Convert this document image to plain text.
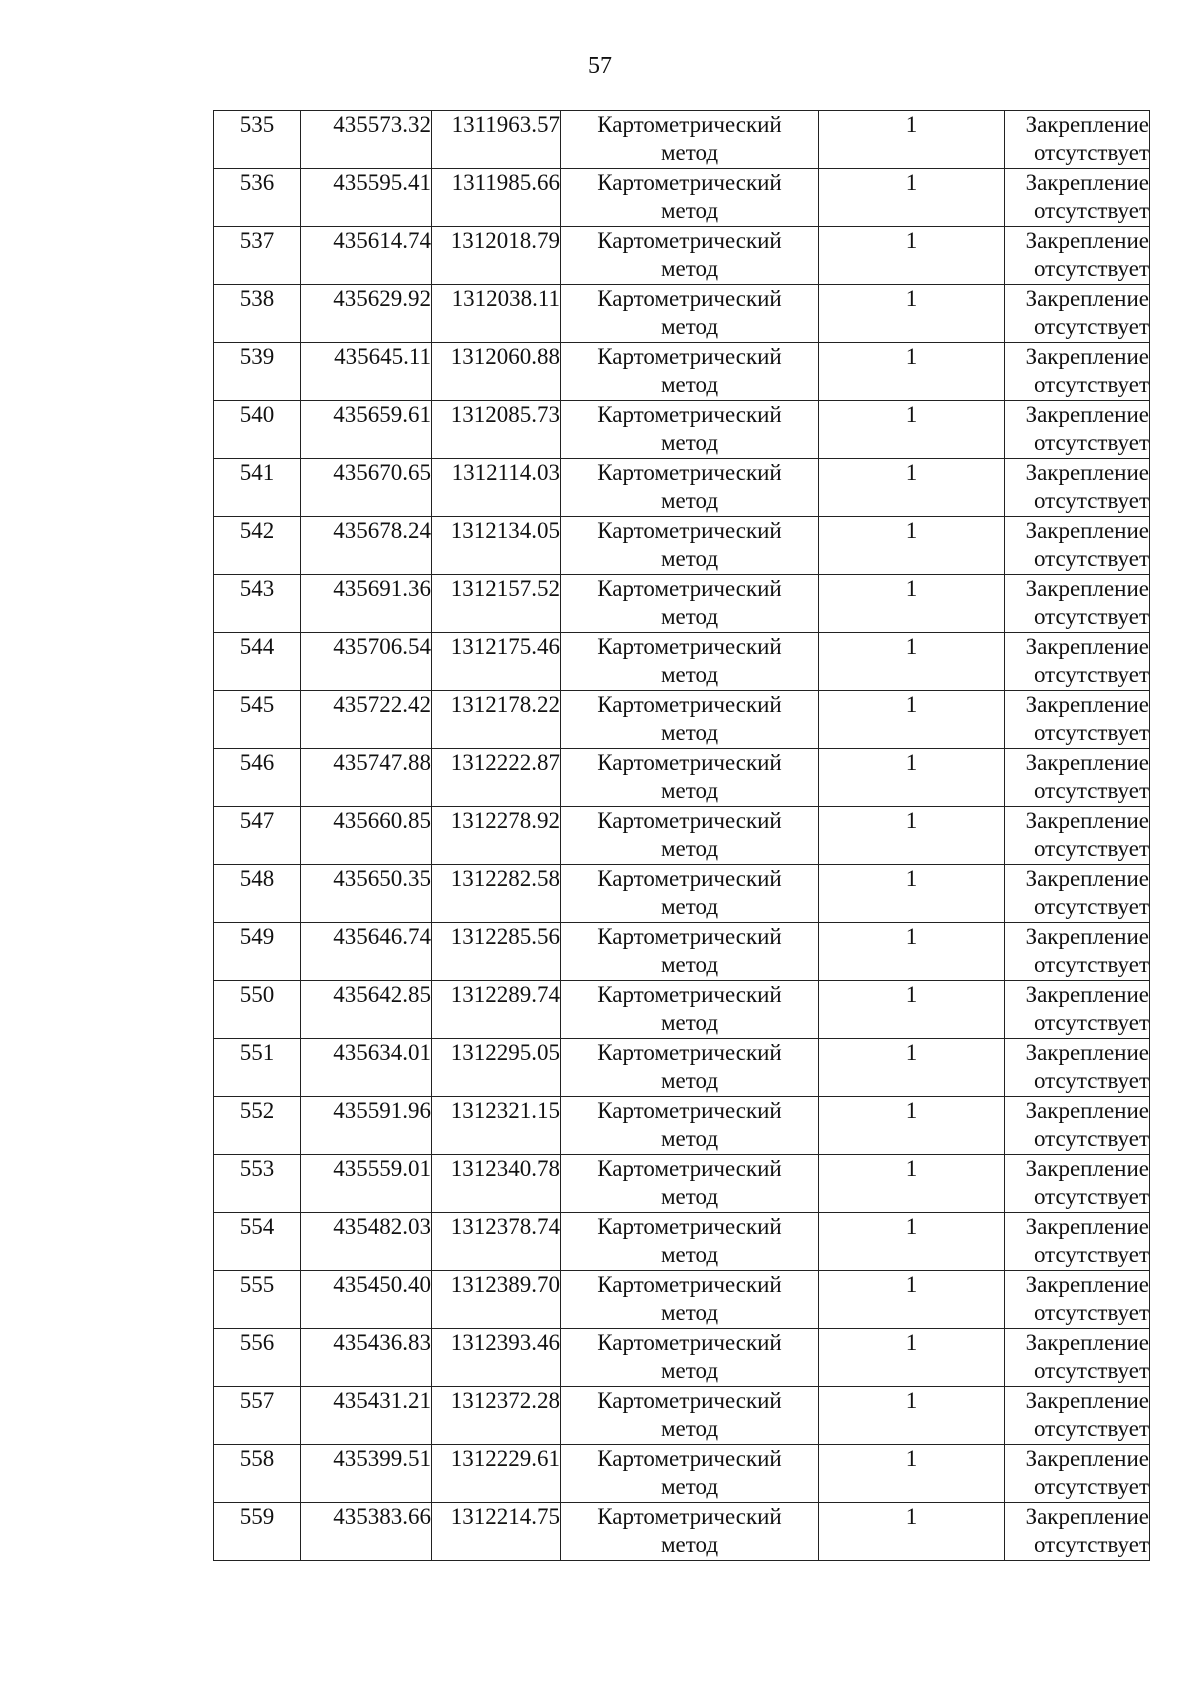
57
535	435573.32	1311963.57	Картометрический
метод	1	Закрепление
отсутствует

536	435595.41	1311985.66	Картометрический
метод	1	Закрепление
отсутствует

537	435614.74	1312018.79	Картометрический
метод	1	Закрепление
отсутствует

538	435629.92	1312038.11	Картометрический
метод	1	Закрепление
отсутствует

539	435645.11	1312060.88	Картометрический
метод	1	Закрепление
отсутствует

540	435659.61	1312085.73	Картометрический
метод	1	Закрепление
отсутствует

541	435670.65	1312114.03	Картометрический
метод	1	Закрепление
отсутствует

542	435678.24	1312134.05	Картометрический
метод	1	Закрепление
отсутствует

543	435691.36	1312157.52	Картометрический
метод	1	Закрепление
отсутствует

544	435706.54	1312175.46	Картометрический
метод	1	Закрепление
отсутствует

545	435722.42	1312178.22	Картометрический
метод	1	Закрепление
отсутствует

546	435747.88	1312222.87	Картометрический
метод	1	Закрепление
отсутствует

547	435660.85	1312278.92	Картометрический
метод	1	Закрепление
отсутствует

548	435650.35	1312282.58	Картометрический
метод	1	Закрепление
отсутствует

549	435646.74	1312285.56	Картометрический
метод	1	Закрепление
отсутствует

550	435642.85	1312289.74	Картометрический
метод	1	Закрепление
отсутствует

551	435634.01	1312295.05	Картометрический
метод	1	Закрепление
отсутствует

552	435591.96	1312321.15	Картометрический
метод	1	Закрепление
отсутствует

553	435559.01	1312340.78	Картометрический
метод	1	Закрепление
отсутствует

554	435482.03	1312378.74	Картометрический
метод	1	Закрепление
отсутствует

555	435450.40	1312389.70	Картометрический
метод	1	Закрепление
отсутствует

556	435436.83	1312393.46	Картометрический
метод	1	Закрепление
отсутствует

557	435431.21	1312372.28	Картометрический
метод	1	Закрепление
отсутствует

558	435399.51	1312229.61	Картометрический
метод	1	Закрепление
отсутствует

559	435383.66	1312214.75	Картометрический
метод	1	Закрепление
отсутствует
